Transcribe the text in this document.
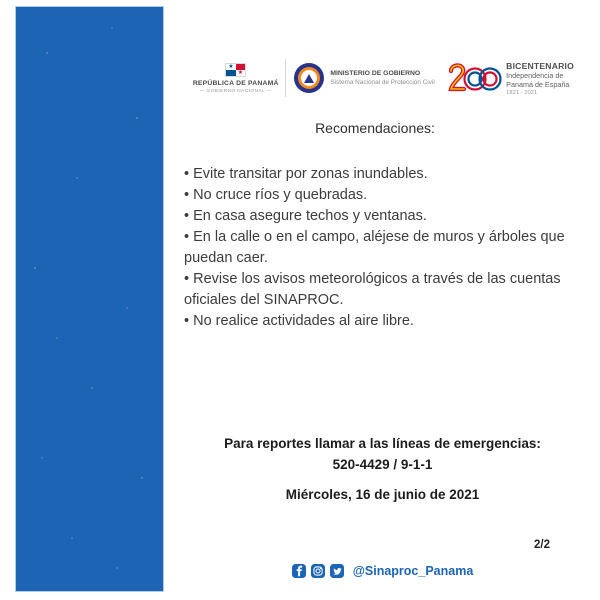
★
★
REPÚBLICA DE PANAMÁ
— GOBIERNO NACIONAL —
MINISTERIO DE GOBIERNO
Sistema Nacional de Protección Civil
BICENTENARIO
Independencia de
Panamá de España
1821 - 2021
Recomendaciones:
• Evite transitar por zonas inundables.
• No cruce ríos y quebradas.
• En casa asegure techos y ventanas.
• En la calle o en el campo, aléjese de muros y árboles que puedan caer.
• Revise los avisos meteorológicos a través de las cuentas oficiales del SINAPROC.
• No realice actividades al aire libre.
Para reportes llamar a las líneas de emergencias:
520-4429 / 9-1-1
Miércoles, 16 de junio de 2021
2/2
@Sinaproc_Panama
